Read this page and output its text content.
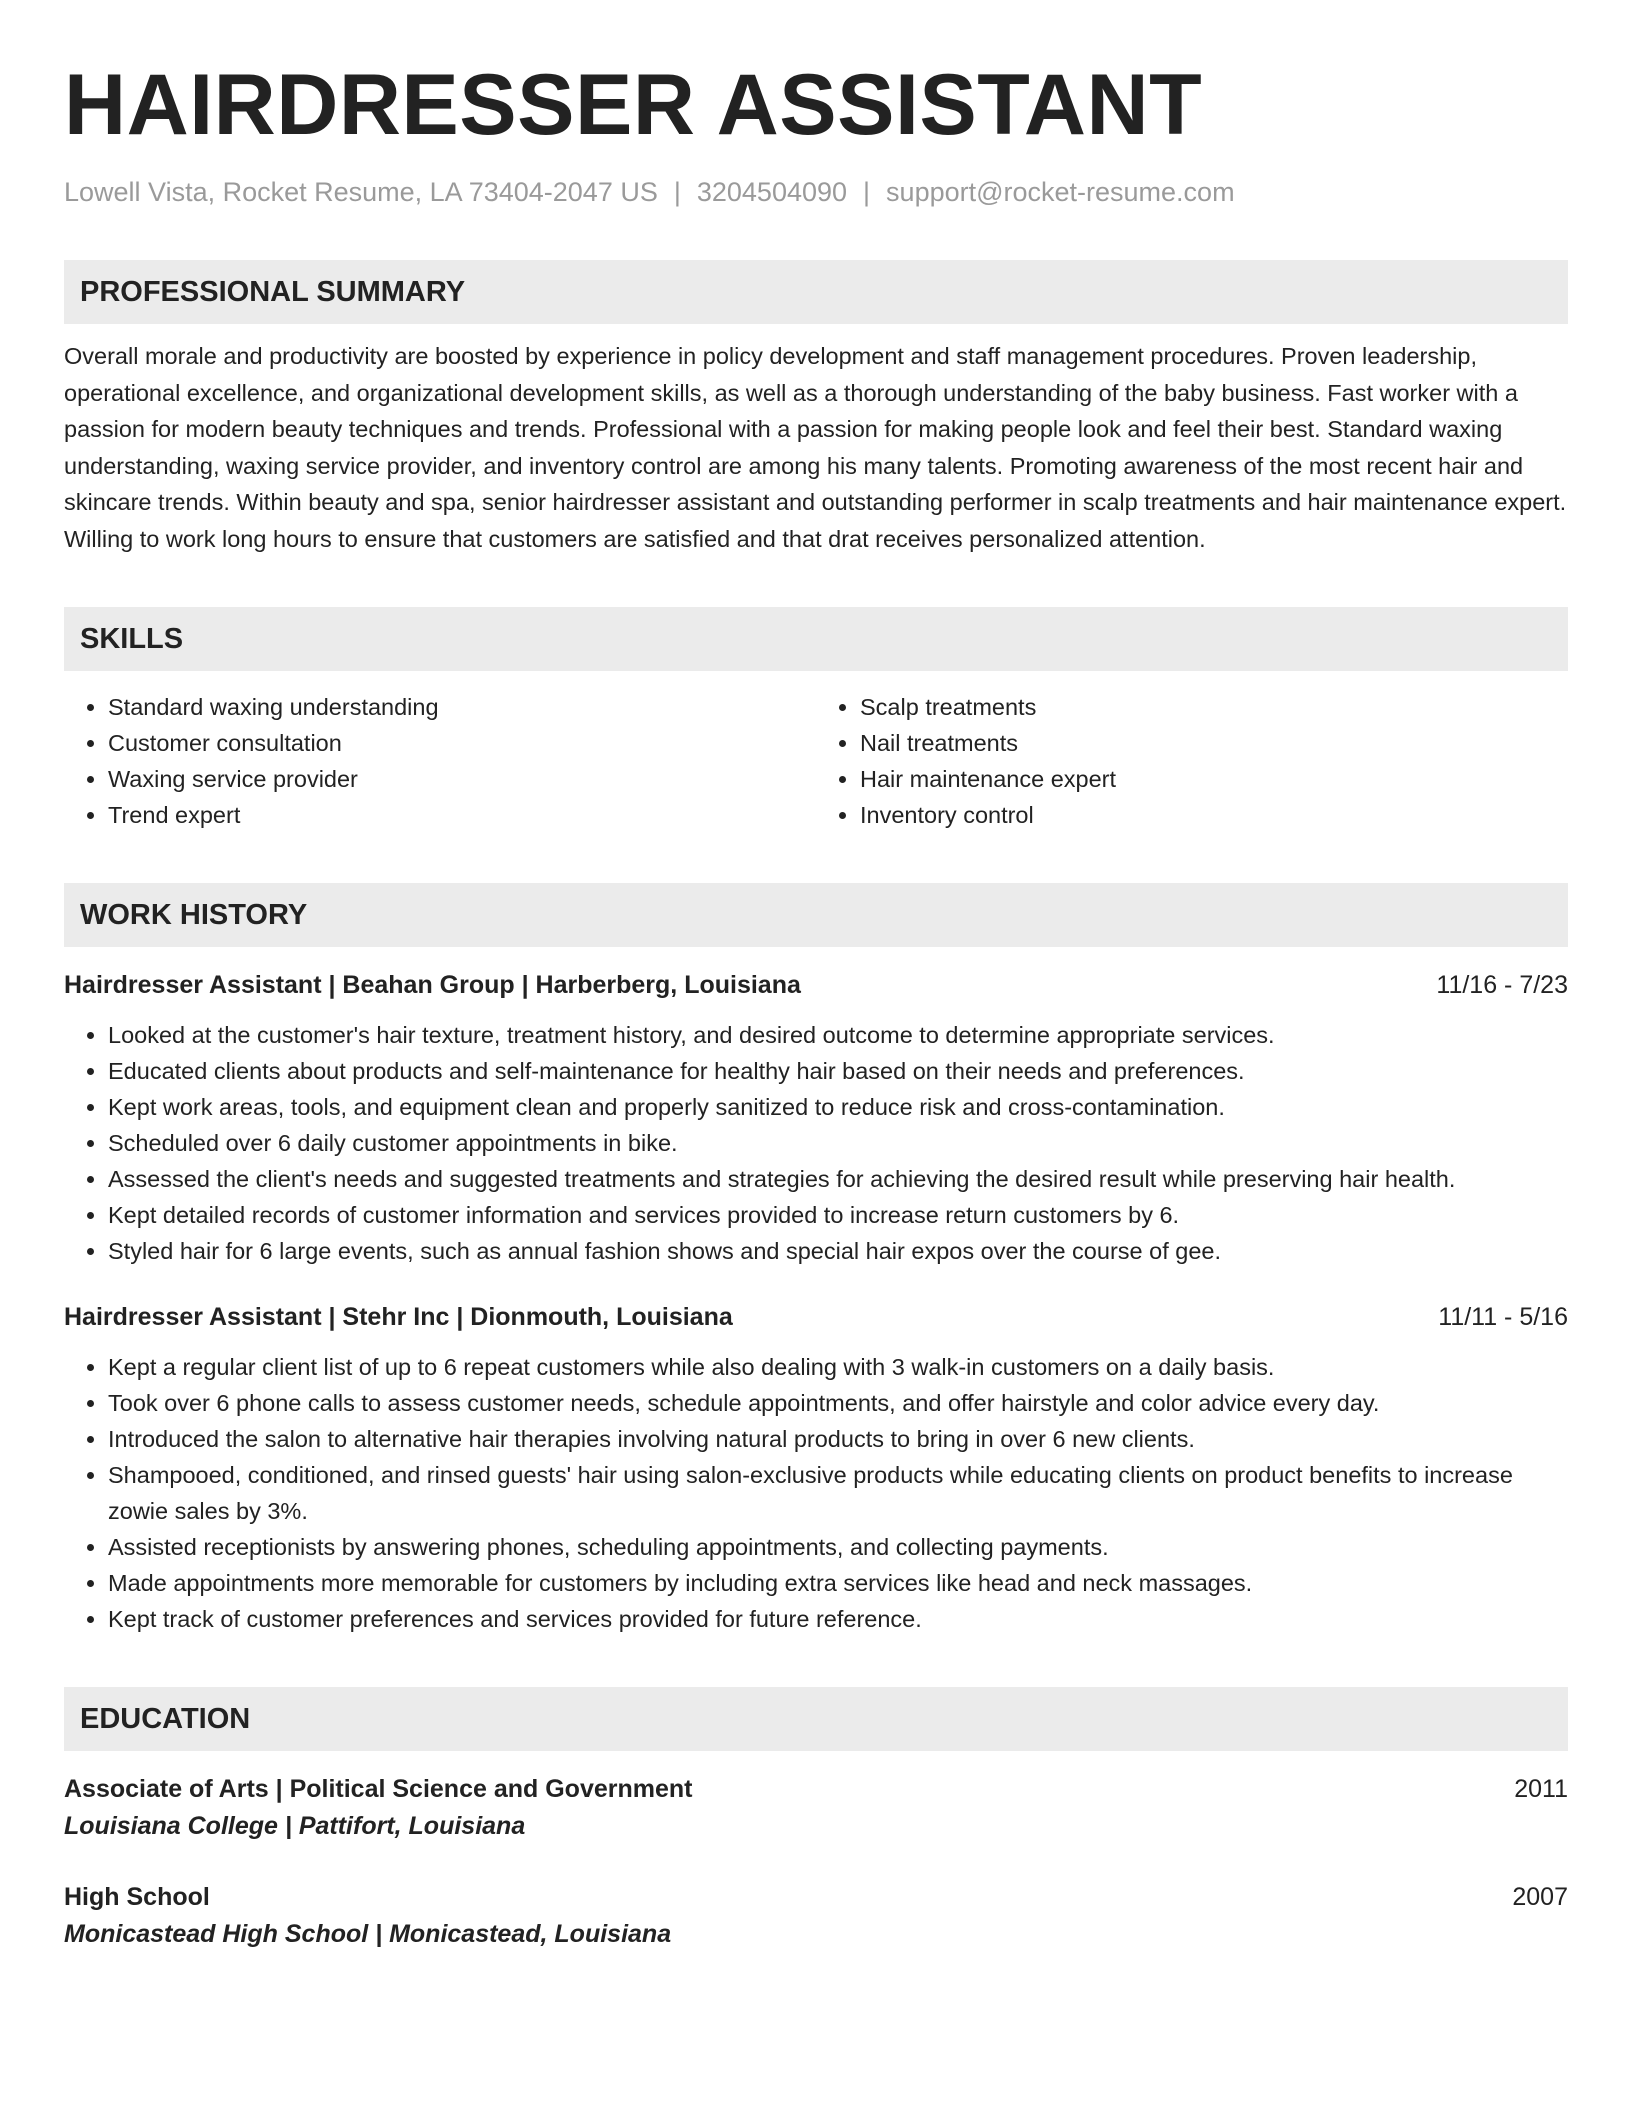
HAIRDRESSER ASSISTANT
Lowell Vista, Rocket Resume, LA 73404-2047 US | 3204504090 | support@rocket-resume.com
PROFESSIONAL SUMMARY
Overall morale and productivity are boosted by experience in policy development and staff management procedures. Proven leadership, operational excellence, and organizational development skills, as well as a thorough understanding of the baby business. Fast worker with a passion for modern beauty techniques and trends. Professional with a passion for making people look and feel their best. Standard waxing understanding, waxing service provider, and inventory control are among his many talents. Promoting awareness of the most recent hair and skincare trends. Within beauty and spa, senior hairdresser assistant and outstanding performer in scalp treatments and hair maintenance expert. Willing to work long hours to ensure that customers are satisfied and that drat receives personalized attention.
SKILLS
• Standard waxing understanding
• Customer consultation
• Waxing service provider
• Trend expert
• Scalp treatments
• Nail treatments
• Hair maintenance expert
• Inventory control
WORK HISTORY
Hairdresser Assistant | Beahan Group | Harberberg, Louisiana	11/16 - 7/23
• Looked at the customer's hair texture, treatment history, and desired outcome to determine appropriate services.
• Educated clients about products and self-maintenance for healthy hair based on their needs and preferences.
• Kept work areas, tools, and equipment clean and properly sanitized to reduce risk and cross-contamination.
• Scheduled over 6 daily customer appointments in bike.
• Assessed the client's needs and suggested treatments and strategies for achieving the desired result while preserving hair health.
• Kept detailed records of customer information and services provided to increase return customers by 6.
• Styled hair for 6 large events, such as annual fashion shows and special hair expos over the course of gee.
Hairdresser Assistant | Stehr Inc | Dionmouth, Louisiana	11/11 - 5/16
• Kept a regular client list of up to 6 repeat customers while also dealing with 3 walk-in customers on a daily basis.
• Took over 6 phone calls to assess customer needs, schedule appointments, and offer hairstyle and color advice every day.
• Introduced the salon to alternative hair therapies involving natural products to bring in over 6 new clients.
• Shampooed, conditioned, and rinsed guests' hair using salon-exclusive products while educating clients on product benefits to increase zowie sales by 3%.
• Assisted receptionists by answering phones, scheduling appointments, and collecting payments.
• Made appointments more memorable for customers by including extra services like head and neck massages.
• Kept track of customer preferences and services provided for future reference.
EDUCATION
Associate of Arts | Political Science and Government	2011
Louisiana College | Pattifort, Louisiana
High School	2007
Monicastead High School | Monicastead, Louisiana
